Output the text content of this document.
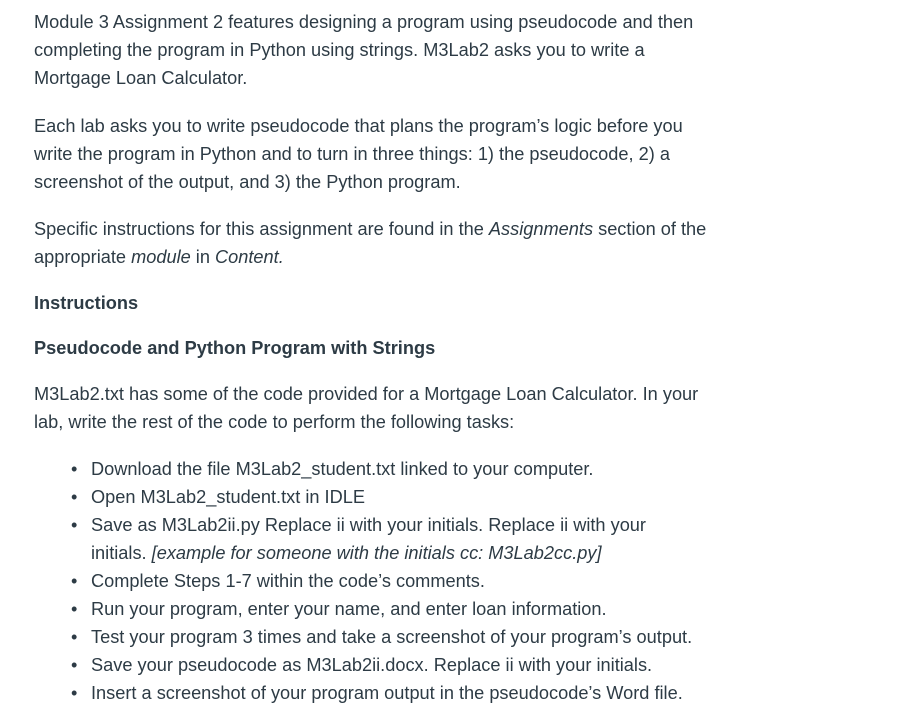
Module 3 Assignment 2 features designing a program using pseudocode and then
completing the program in Python using strings. M3Lab2 asks you to write a
Mortgage Loan Calculator.

Each lab asks you to write pseudocode that plans the program’s logic before you
write the program in Python and to turn in three things: 1) the pseudocode, 2) a
screenshot of the output, and 3) the Python program.

Specific instructions for this assignment are found in the Assignments section of the
appropriate module in Content.

Instructions

Pseudocode and Python Program with Strings

M3Lab2.txt has some of the code provided for a Mortgage Loan Calculator. In your
lab, write the rest of the code to perform the following tasks:

• Download the file M3Lab2_student.txt linked to your computer.
• Open M3Lab2_student.txt in IDLE
• Save as M3Lab2ii.py Replace ii with your initials. Replace ii with your
initials. [example for someone with the initials cc: M3Lab2cc.py]
• Complete Steps 1-7 within the code’s comments.
• Run your program, enter your name, and enter loan information.
• Test your program 3 times and take a screenshot of your program’s output.
• Save your pseudocode as M3Lab2ii.docx. Replace ii with your initials.
• Insert a screenshot of your program output in the pseudocode’s Word file.
